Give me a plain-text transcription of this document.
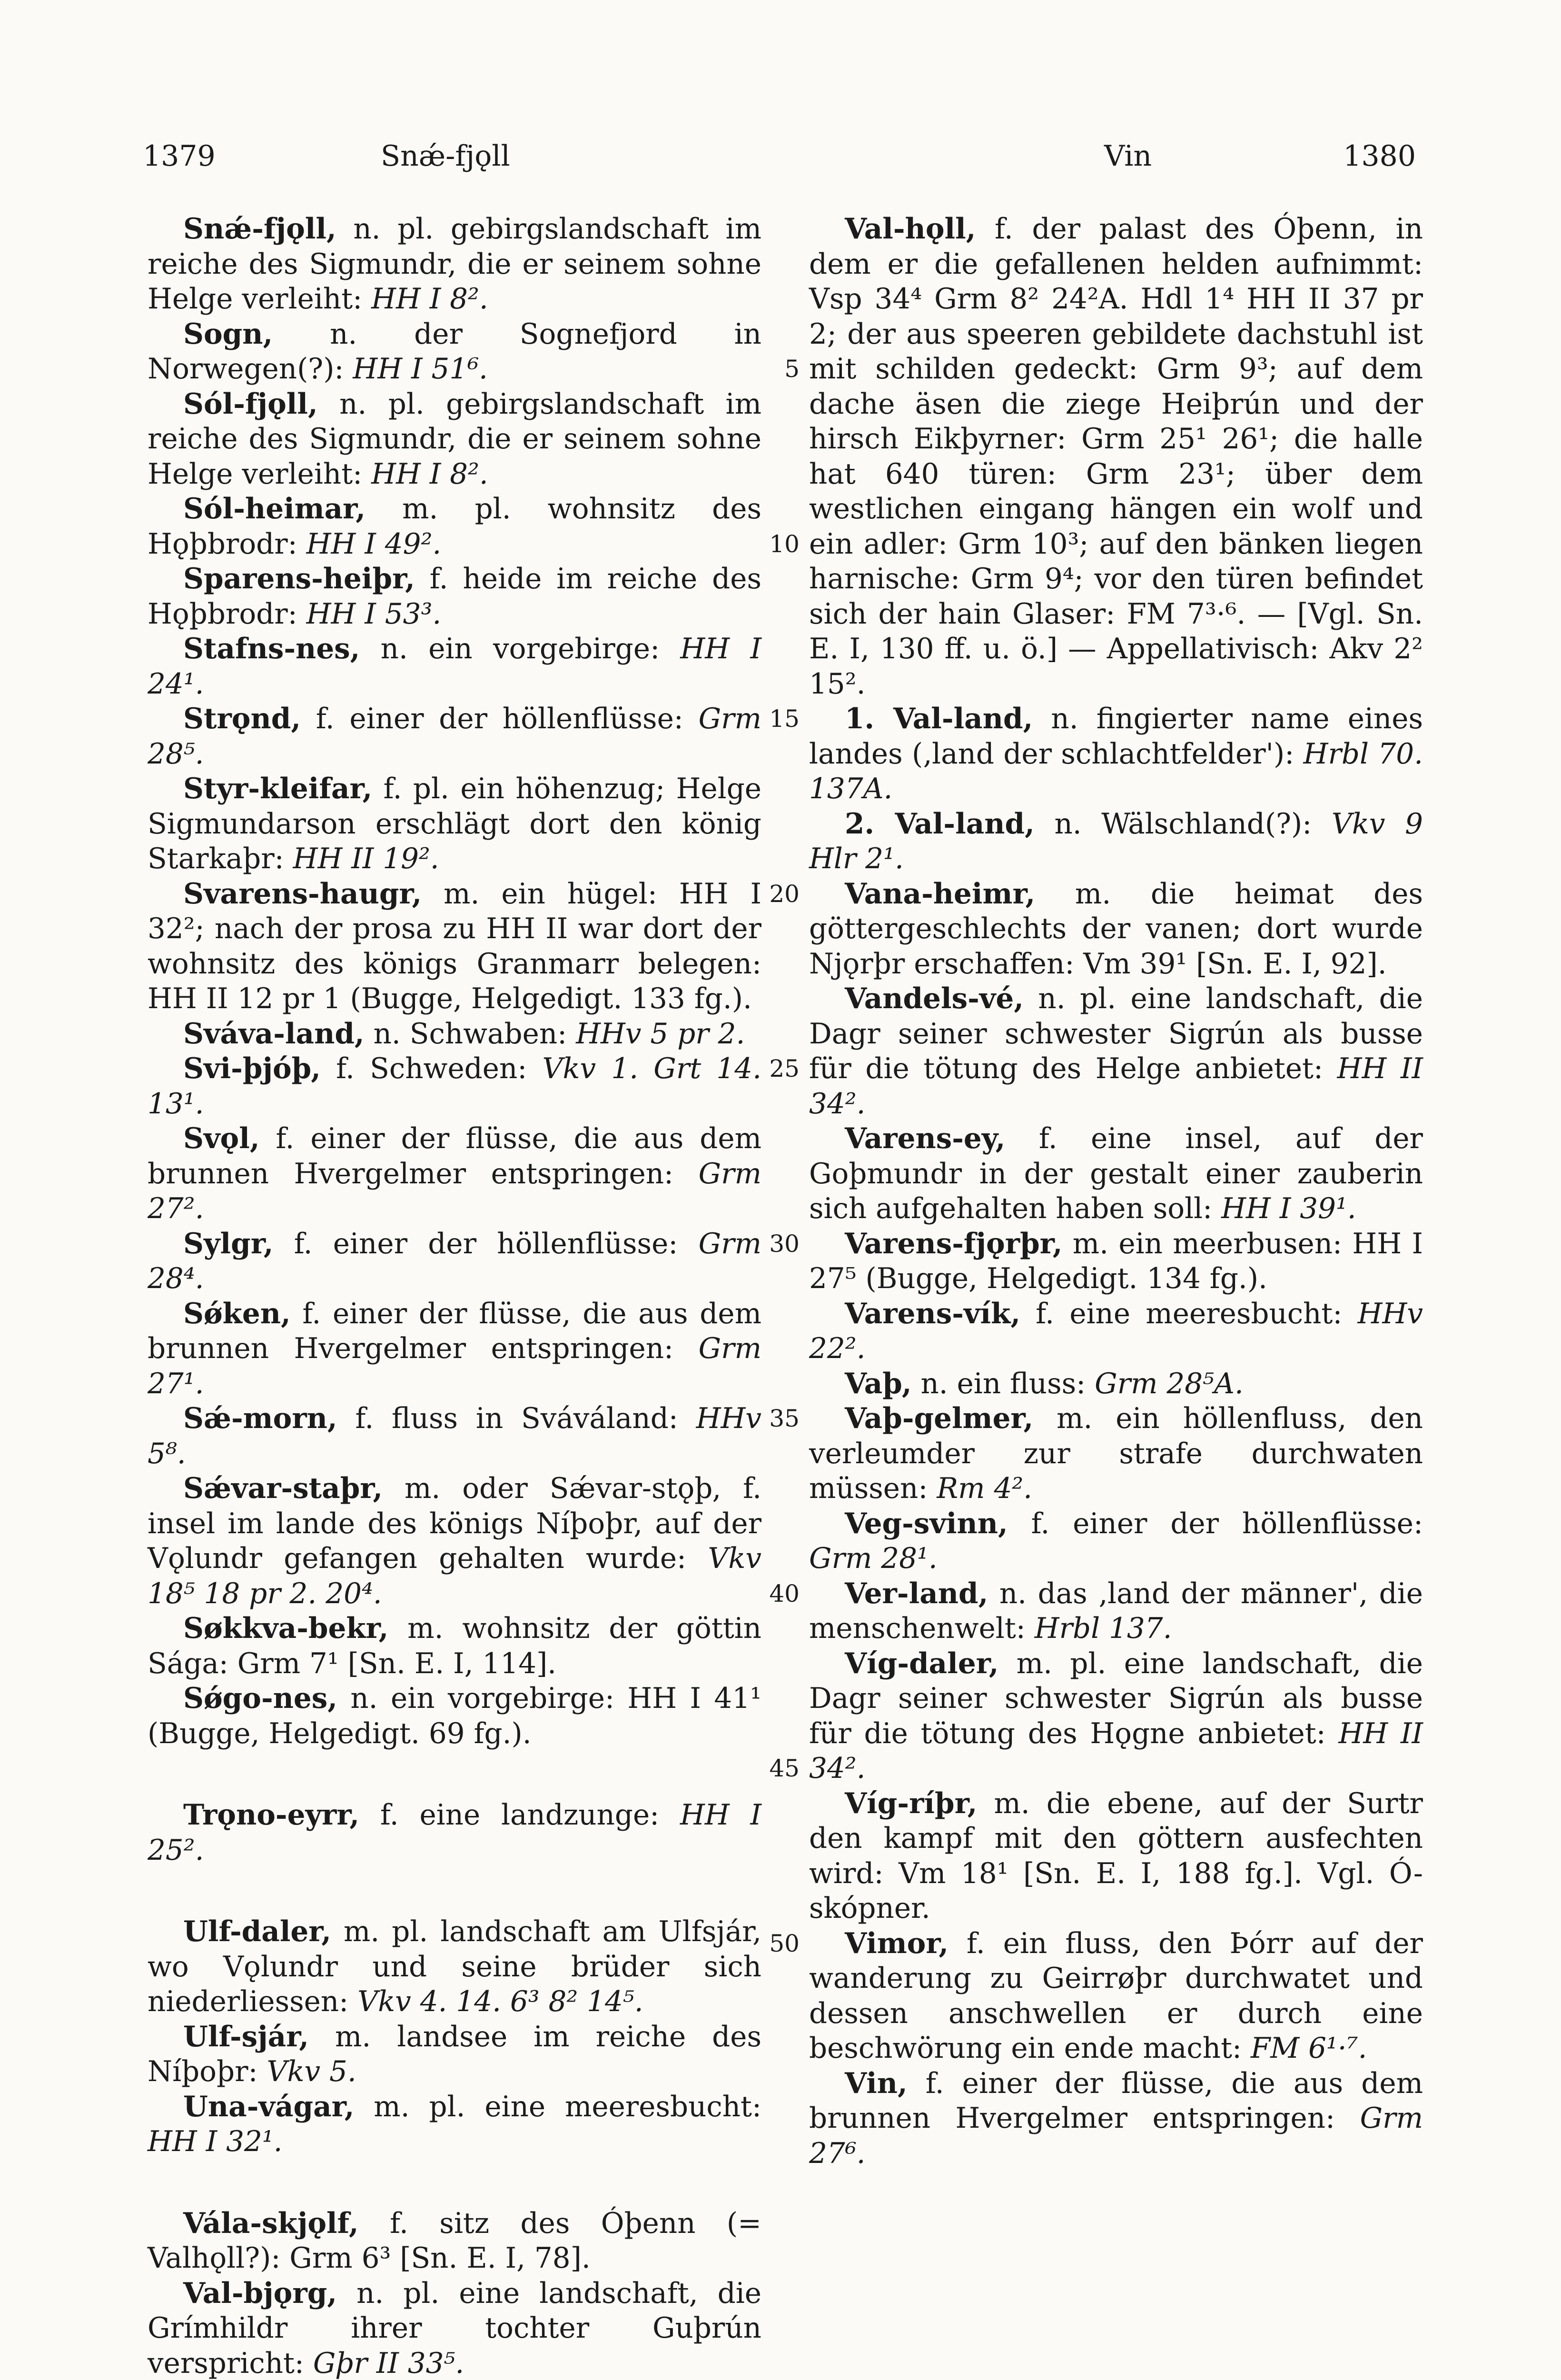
1379	Snǽ-fjǫll	Vin	1380

Snǽ-fjǫll, n. pl. gebirgslandschaft im reiche des Sigmundr, die er seinem sohne Helge verleiht: HH I 8².

Sogn, n. der Sognefjord in Norwegen(?): HH I 51⁶.

Sól-fjǫll, n. pl. gebirgslandschaft im reiche des Sigmundr, die er seinem sohne Helge verleiht: HH I 8².

Sól-heimar, m. pl. wohnsitz des Hǫþbrodr: HH I 49².

Sparens-heiþr, f. heide im reiche des Hǫþbrodr: HH I 53³.

Stafns-nes, n. ein vorgebirge: HH I 24¹.

Strǫnd, f. einer der höllenflüsse: Grm 28⁵.

Styr-kleifar, f. pl. ein höhenzug; Helge Sigmundarson erschlägt dort den könig Starkaþr: HH II 19².

Svarens-haugr, m. ein hügel: HH I 32²; nach der prosa zu HH II war dort der wohnsitz des königs Granmarr belegen: HH II 12 pr 1 (Bugge, Helgedigt. 133 fg.).

Sváva-land, n. Schwaben: HHv 5 pr 2.

Svi-þjóþ, f. Schweden: Vkv 1. Grt 14. 13¹.

Svǫl, f. einer der flüsse, die aus dem brunnen Hvergelmer entspringen: Grm 27².

Sylgr, f. einer der höllenflüsse: Grm 28⁴.

Sǿken, f. einer der flüsse, die aus dem brunnen Hvergelmer entspringen: Grm 27¹.

Sǽ-morn, f. fluss in Sváváland: HHv 5⁸.

Sǽvar-staþr, m. oder Sǽvar-stǫþ, f. insel im lande des königs Níþoþr, auf der Vǫlundr gefangen gehalten wurde: Vkv 18⁵ 18 pr 2. 20⁴.

Søkkva-bekr, m. wohnsitz der göttin Sága: Grm 7¹ [Sn. E. I, 114].

Sǿgo-nes, n. ein vorgebirge: HH I 41¹ (Bugge, Helgedigt. 69 fg.).

Trǫno-eyrr, f. eine landzunge: HH I 25².

Ulf-daler, m. pl. landschaft am Ulfsjár, wo Vǫlundr und seine brüder sich niederliessen: Vkv 4. 14. 6³ 8² 14⁵.

Ulf-sjár, m. landsee im reiche des Níþoþr: Vkv 5.

Una-vágar, m. pl. eine meeresbucht: HH I 32¹.

Vála-skjǫlf, f. sitz des Óþenn (= Valhǫll?): Grm 6³ [Sn. E. I, 78].

Val-bjǫrg, n. pl. eine landschaft, die Grímhildr ihrer tochter Guþrún verspricht: Gþr II 33⁵.

5
10
15
20
25
30
35
40
45
50

Val-hǫll, f. der palast des Óþenn, in dem er die gefallenen helden aufnimmt: Vsp 34⁴ Grm 8² 24²A. Hdl 1⁴ HH II 37 pr 2; der aus speeren gebildete dachstuhl ist mit schilden gedeckt: Grm 9³; auf dem dache äsen die ziege Heiþrún und der hirsch Eikþyrner: Grm 25¹ 26¹; die halle hat 640 türen: Grm 23¹; über dem westlichen eingang hängen ein wolf und ein adler: Grm 10³; auf den bänken liegen harnische: Grm 9⁴; vor den türen befindet sich der hain Glaser: FM 7³·⁶. — [Vgl. Sn. E. I, 130 ff. u. ö.] — Appellativisch: Akv 2² 15².

1. Val-land, n. fingierter name eines landes (‚land der schlachtfelder'): Hrbl 70. 137A.

2. Val-land, n. Wälschland(?): Vkv 9 Hlr 2¹.

Vana-heimr, m. die heimat des göttergeschlechts der vanen; dort wurde Njǫrþr erschaffen: Vm 39¹ [Sn. E. I, 92].

Vandels-vé, n. pl. eine landschaft, die Dagr seiner schwester Sigrún als busse für die tötung des Helge anbietet: HH II 34².

Varens-ey, f. eine insel, auf der Goþmundr in der gestalt einer zauberin sich aufgehalten haben soll: HH I 39¹.

Varens-fjǫrþr, m. ein meerbusen: HH I 27⁵ (Bugge, Helgedigt. 134 fg.).

Varens-vík, f. eine meeresbucht: HHv 22².

Vaþ, n. ein fluss: Grm 28⁵A.

Vaþ-gelmer, m. ein höllenfluss, den verleumder zur strafe durchwaten müssen: Rm 4².

Veg-svinn, f. einer der höllenflüsse: Grm 28¹.

Ver-land, n. das ‚land der männer', die menschenwelt: Hrbl 137.

Víg-daler, m. pl. eine landschaft, die Dagr seiner schwester Sigrún als busse für die tötung des Hǫgne anbietet: HH II 34².

Víg-ríþr, m. die ebene, auf der Surtr den kampf mit den göttern ausfechten wird: Vm 18¹ [Sn. E. I, 188 fg.]. Vgl. Ó-skópner.

Vimor, f. ein fluss, den Þórr auf der wanderung zu Geirrøþr durchwatet und dessen anschwellen er durch eine beschwörung ein ende macht: FM 6¹·⁷.

Vin, f. einer der flüsse, die aus dem brunnen Hvergelmer entspringen: Grm 27⁶.
